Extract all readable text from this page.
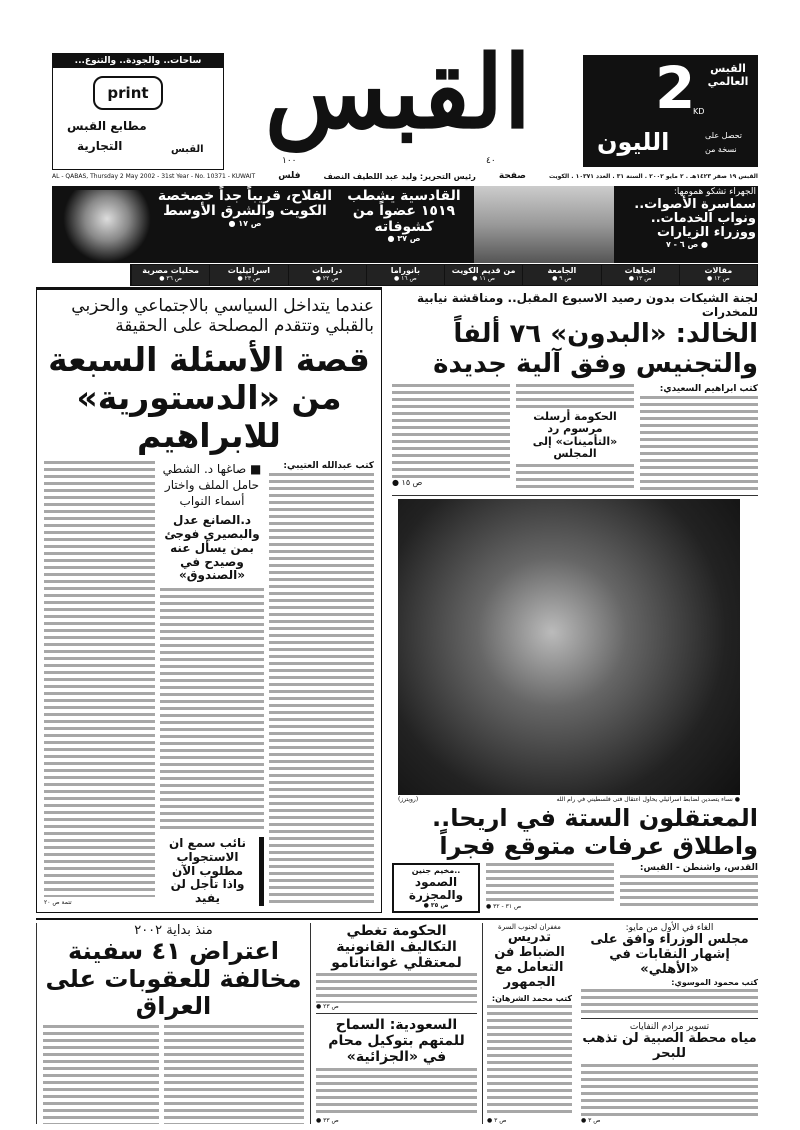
...ساحات.. والجودة.. والتنوع
print
مطابع القبس
التجارية	القبس القبس
١٠٠	٤٠
2
KD
القبس العالمي
الليون	تحصل على
نسخة من
AL - QABAS, Thursday 2 May 2002 - 31st Year - No. 10371 - KUWAIT	فلس	رئيس التحرير: وليد عبد اللطيف النصف	صفحة	القبس ١٩ صفر ١٤٢٣هـ . ٢ مايو ٢٠٠٢ . السنة ٣١ . العدد ١٠٣٧١ . الكويت
الفلاح، قريباً جداً خصخصة الكويت والشرق الأوسط
● ص ١٧
القادسية يشطب ١٥١٩ عضواً من كشوفاته
● ص ٣٧
الجهراء تشكو همومها:
سماسرة الأصوات.. ونواب الخدمات.. ووزراء الزيارات
● ص ٦ - ٧
مقالات
● ص ١٢
اتجاهات
● ص ١٣
الجامعة
● ص ٩
من قديم الكويت
● ص ١١
بانوراما
● ص ١٦
دراسات
● ص ٢٢
اسرائيليات
● ص ٢٣
محليات مصرية
● ص ٣٦
لجنة الشيكات بدون رصيد الاسبوع المقبل.. ومناقشة نيابية للمخدرات
الخالد: «البدون» ٧٦ ألفاً
والتجنيس وفق آلية جديدة
كتب ابراهيم السعيدي:
الحكومة أرسلت مرسوم رد «التأمينات» إلى المجلس
● ص ١٥
● نساء يتصدين لضابط اسرائيلي يحاول اعتقال فتى فلسطيني في رام الله
(رويترز)
المعتقلون الستة في اريحا..
واطلاق عرفات متوقع فجراً
القدس، واشنطن - القبس:
● ص ٣١ - ٣٢
مخيم جنين..
الصمود
والمجزرة
● ص ٣٥
عندما يتداخل السياسي بالاجتماعي والحزبي
بالقبلي وتتقدم المصلحة على الحقيقة
قصة الأسئلة السبعة
من «الدستورية» للابراهيم
كتب عبدالله العتيبي:
■ صاغها د. الشطي حامل الملف واختار أسماء النواب
د.الصانع عدل والبصيري فوجئ بمن يسأل عنه وصيدح في «الصندوق»
نائب سمع ان الاستجواب مطلوب الآن واذا تأجل لن يفيد
تتمة ص ٢٠
الغاء في الأول من مايو:
مجلس الوزراء وافق على إشهار النقابات في «الأهلي»
كتب محمود الموسوي:
تسوير مرادم النفايات
مياه محطة الصبية لن تذهب للبحر
● ص ٣
مغفران لجنوب السرة
تدريس الضباط فن التعامل مع الجمهور
كتب محمد الشرهان:
● ص ٣
الحكومة تغطي التكاليف القانونية لمعتقلي غوانتانامو
● ص ٢٣
السعودية: السماح للمتهم بتوكيل محام في «الجزائية»
● ص ٣٣
منذ بداية ٢٠٠٢
اعتراض ٤١ سفينة مخالفة للعقوبات على العراق
